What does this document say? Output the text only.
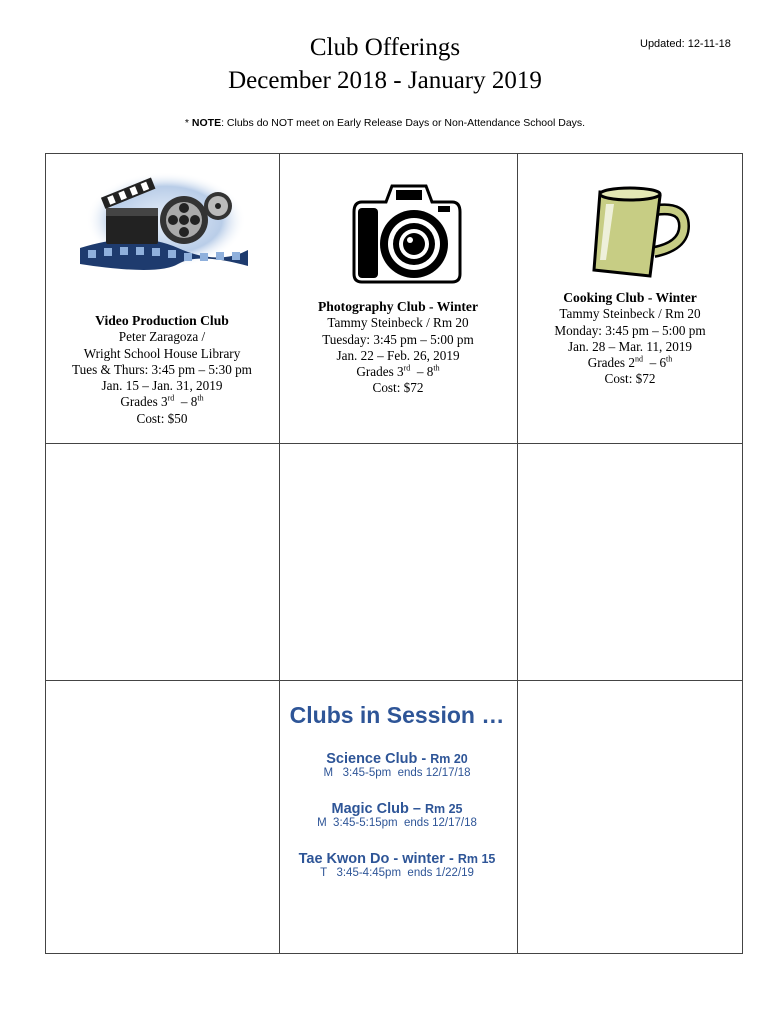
Updated: 12-11-18
Club Offerings
December 2018 - January 2019
* NOTE: Clubs do NOT meet on Early Release Days or Non-Attendance School Days.
Video Production Club
Peter Zaragoza /
Wright School House Library
Tues & Thurs: 3:45 pm – 5:30 pm
Jan. 15 – Jan. 31, 2019
Grades 3rd  – 8th
Cost: $50
Photography Club - Winter
Tammy Steinbeck / Rm 20
Tuesday: 3:45 pm – 5:00 pm
Jan. 22 – Feb. 26, 2019
Grades 3rd  – 8th
Cost: $72
Cooking Club - Winter
Tammy Steinbeck / Rm 20
Monday: 3:45 pm – 5:00 pm
Jan. 28 – Mar. 11, 2019
Grades 2nd  – 6th
Cost: $72
Clubs in Session …
Science Club - Rm 20
M   3:45-5pm  ends 12/17/18
Magic Club – Rm 25
M  3:45-5:15pm  ends 12/17/18
Tae Kwon Do - winter - Rm 15
T   3:45-4:45pm  ends 1/22/19
